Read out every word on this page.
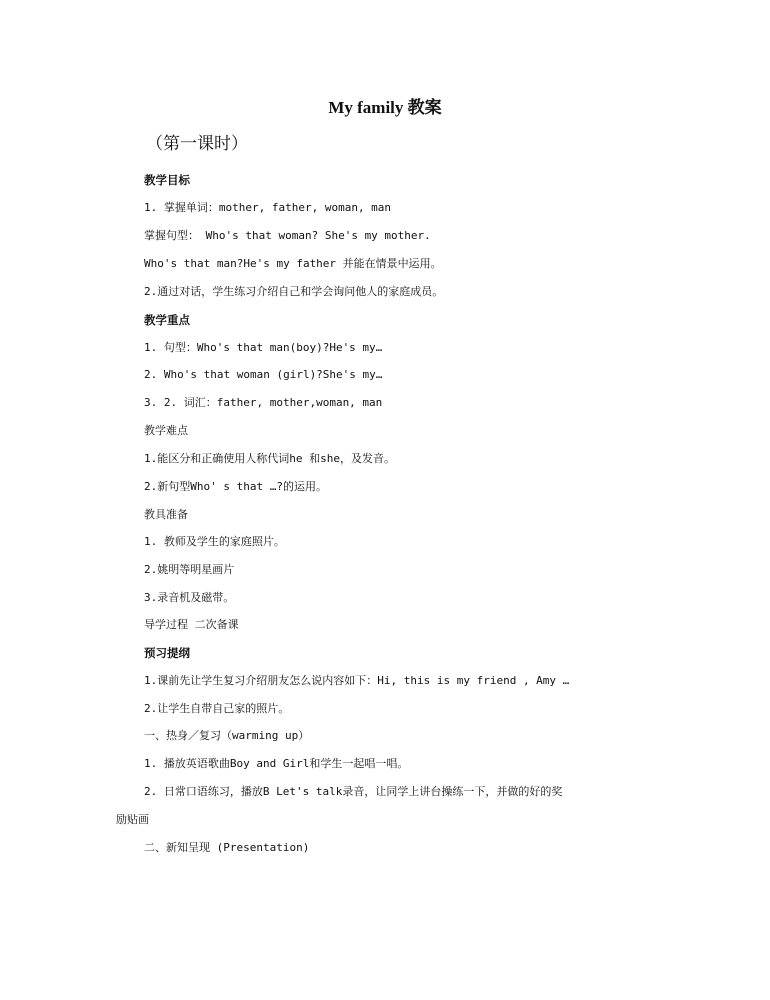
My family 教案
（第一课时）
教学目标
1. 掌握单词：mother, father, woman, man
掌握句型： Who's that woman? She's my mother.
Who's that man?He's my father 并能在情景中运用。
2.通过对话，学生练习介绍自己和学会询问他人的家庭成员。
教学重点
1. 句型：Who's that man(boy)?He's my…
2. Who's that woman (girl)?She's my…
3. 2. 词汇：father, mother,woman, man
教学难点
1.能区分和正确使用人称代词he 和she，及发音。
2.新句型Who' s that …?的运用。
教具准备
1. 教师及学生的家庭照片。
2.姚明等明星画片
3.录音机及磁带。
导学过程 二次备课
预习提纲
1.课前先让学生复习介绍朋友怎么说内容如下：Hi, this is my friend , Amy …
2.让学生自带自己家的照片。
一、热身／复习（warming up）
1. 播放英语歌曲Boy and Girl和学生一起唱一唱。
2. 日常口语练习，播放B Let's talk录音，让同学上讲台操练一下，并做的好的奖
励贴画
二、新知呈现 (Presentation)
